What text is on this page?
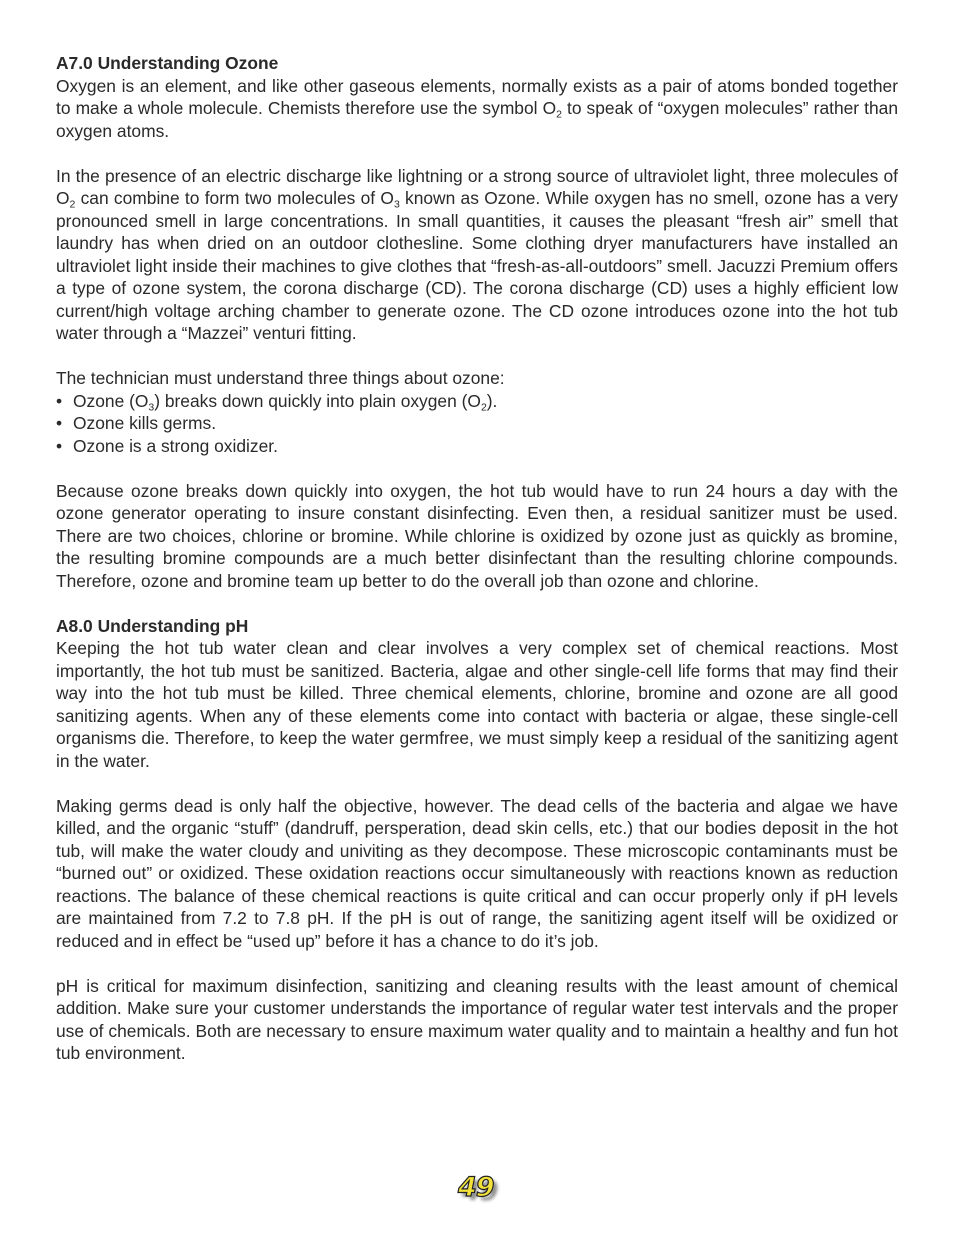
A7.0 Understanding Ozone

Oxygen is an element, and like other gaseous elements, normally exists as a pair of atoms bonded together to make a whole molecule. Chemists therefore use the symbol $O_2$ to speak of “oxygen molecules” rather than oxygen atoms.

In the presence of an electric discharge like lightning or a strong source of ultraviolet light, three molecules of $O_2$ can combine to form two molecules of $O_3$ known as Ozone. While oxygen has no smell, ozone has a very pronounced smell in large concentrations. In small quantities, it causes the pleasant “fresh air” smell that laundry has when dried on an outdoor clothesline. Some clothing dryer manufacturers have installed an ultraviolet light inside their machines to give clothes that “fresh-as-all-outdoors” smell. Jacuzzi Premium offers a type of ozone system, the corona discharge (CD). The corona discharge (CD) uses a highly efficient low current/high voltage arching chamber to generate ozone. The CD ozone introduces ozone into the hot tub water through a “Mazzei” venturi fitting.

The technician must understand three things about ozone:

• Ozone $(O_3)$ breaks down quickly into plain oxygen $(O_2)$.
• Ozone kills germs.
• Ozone is a strong oxidizer.

Because ozone breaks down quickly into oxygen, the hot tub would have to run 24 hours a day with the ozone generator operating to insure constant disinfecting. Even then, a residual sanitizer must be used. There are two choices, chlorine or bromine. While chlorine is oxidized by ozone just as quickly as bromine, the resulting bromine compounds are a much better disinfectant than the resulting chlorine compounds. Therefore, ozone and bromine team up better to do the overall job than ozone and chlorine.

A8.0 Understanding pH

Keeping the hot tub water clean and clear involves a very complex set of chemical reactions. Most importantly, the hot tub must be sanitized. Bacteria, algae and other single-cell life forms that may find their way into the hot tub must be killed. Three chemical elements, chlorine, bromine and ozone are all good sanitizing agents. When any of these elements come into contact with bacteria or algae, these single-cell organisms die. Therefore, to keep the water germfree, we must simply keep a residual of the sanitizing agent in the water.

Making germs dead is only half the objective, however. The dead cells of the bacteria and algae we have killed, and the organic “stuff” (dandruff, persperation, dead skin cells, etc.) that our bodies deposit in the hot tub, will make the water cloudy and univiting as they decompose. These microscopic contaminants must be “burned out” or oxidized. These oxidation reactions occur simultaneously with reactions known as reduction reactions. The balance of these chemical reactions is quite critical and can occur properly only if pH levels are maintained from 7.2 to 7.8 pH. If the pH is out of range, the sanitizing agent itself will be oxidized or reduced and in effect be “used up” before it has a chance to do it’s job.

pH is critical for maximum disinfection, sanitizing and cleaning results with the least amount of chemical addition. Make sure your customer understands the importance of regular water test intervals and the proper use of chemicals. Both are necessary to ensure maximum water quality and to maintain a healthy and fun hot tub environment.

49
